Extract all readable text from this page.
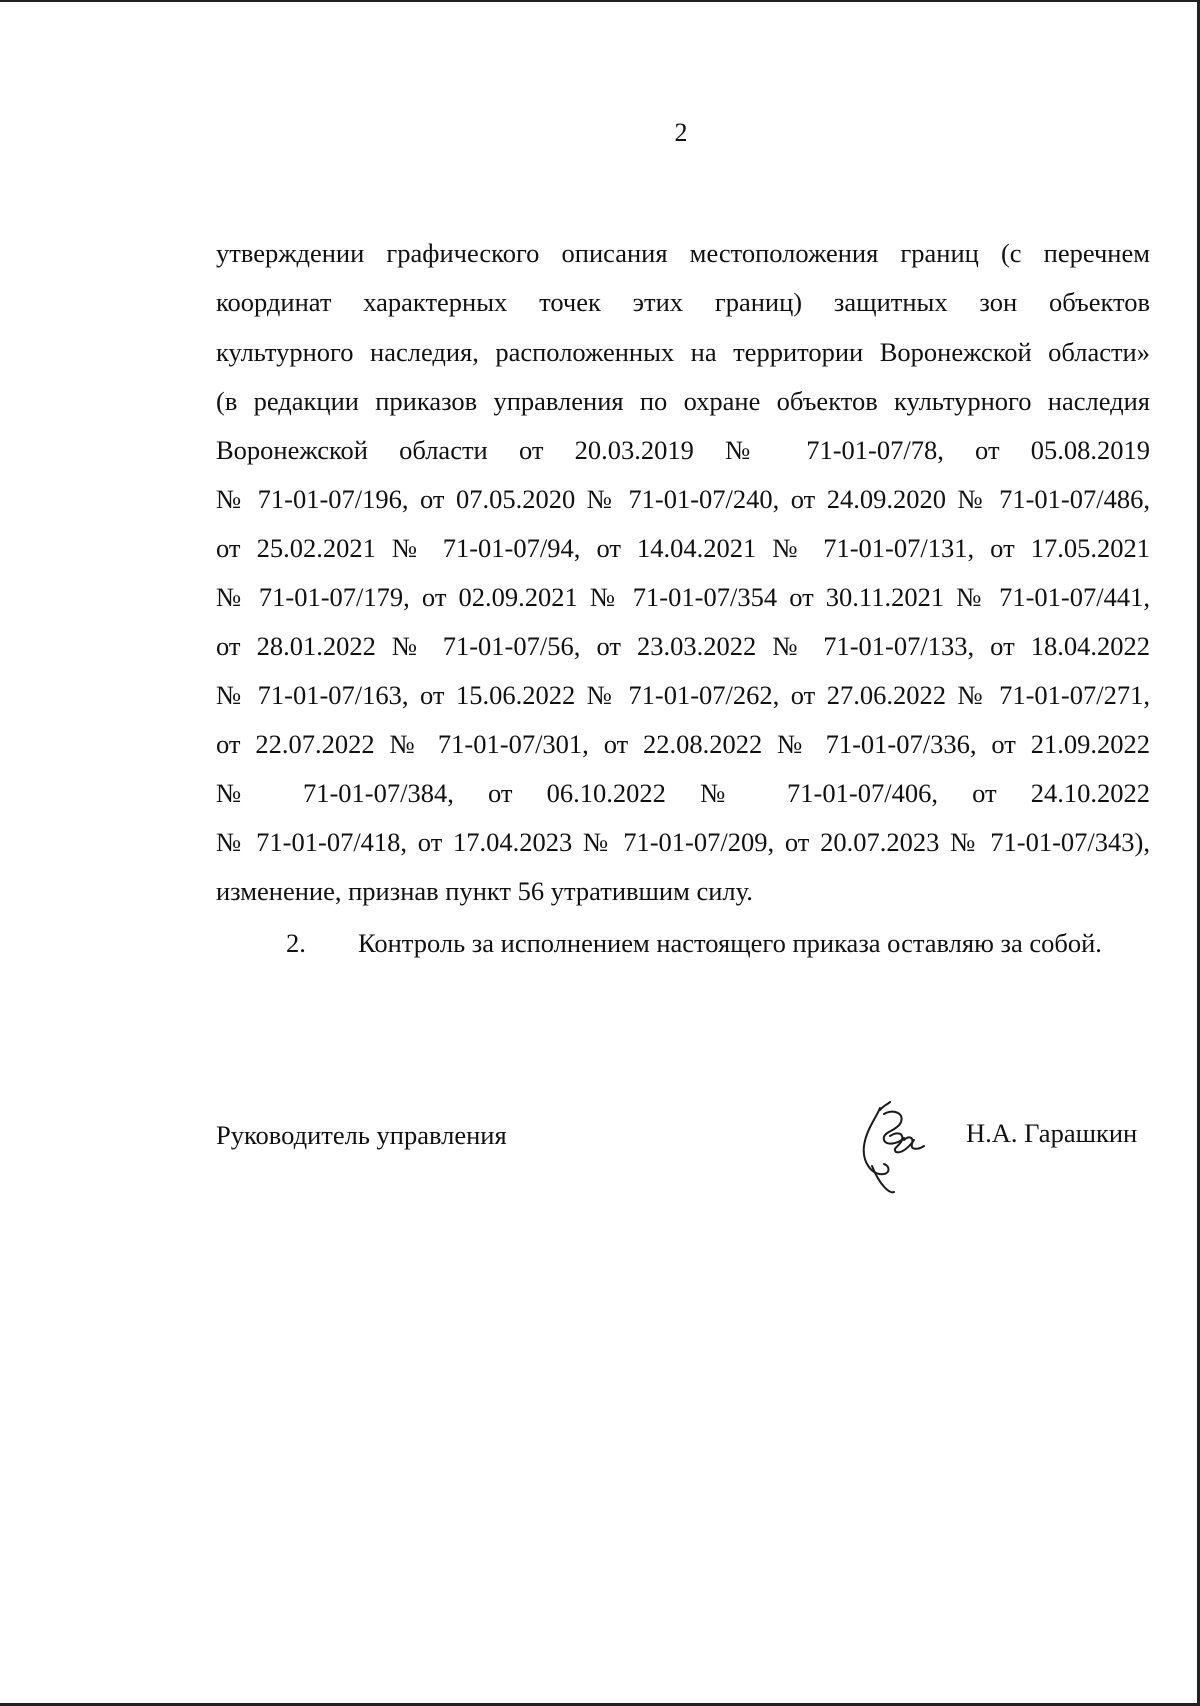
2
утверждении графического описания местоположения границ (с перечнем
координат характерных точек этих границ) защитных зон объектов
культурного наследия, расположенных на территории Воронежской области»
(в редакции приказов управления по охране объектов культурного наследия
Воронежской области от 20.03.2019 № 71-01-07/78, от 05.08.2019
№ 71-01-07/196, от 07.05.2020 № 71-01-07/240, от 24.09.2020 № 71-01-07/486,
от 25.02.2021 № 71-01-07/94, от 14.04.2021 № 71-01-07/131, от 17.05.2021
№ 71-01-07/179, от 02.09.2021 № 71-01-07/354 от 30.11.2021 № 71-01-07/441,
от 28.01.2022 № 71-01-07/56, от 23.03.2022 № 71-01-07/133, от 18.04.2022
№ 71-01-07/163, от 15.06.2022 № 71-01-07/262, от 27.06.2022 № 71-01-07/271,
от 22.07.2022 № 71-01-07/301, от 22.08.2022 № 71-01-07/336, от 21.09.2022
№ 71-01-07/384, от 06.10.2022 № 71-01-07/406, от 24.10.2022
№ 71-01-07/418, от 17.04.2023 № 71-01-07/209, от 20.07.2023 № 71-01-07/343),
изменение, признав пункт 56 утратившим силу.
2. Контроль за исполнением настоящего приказа оставляю за собой.
Руководитель управления	Н.А. Гарашкин
